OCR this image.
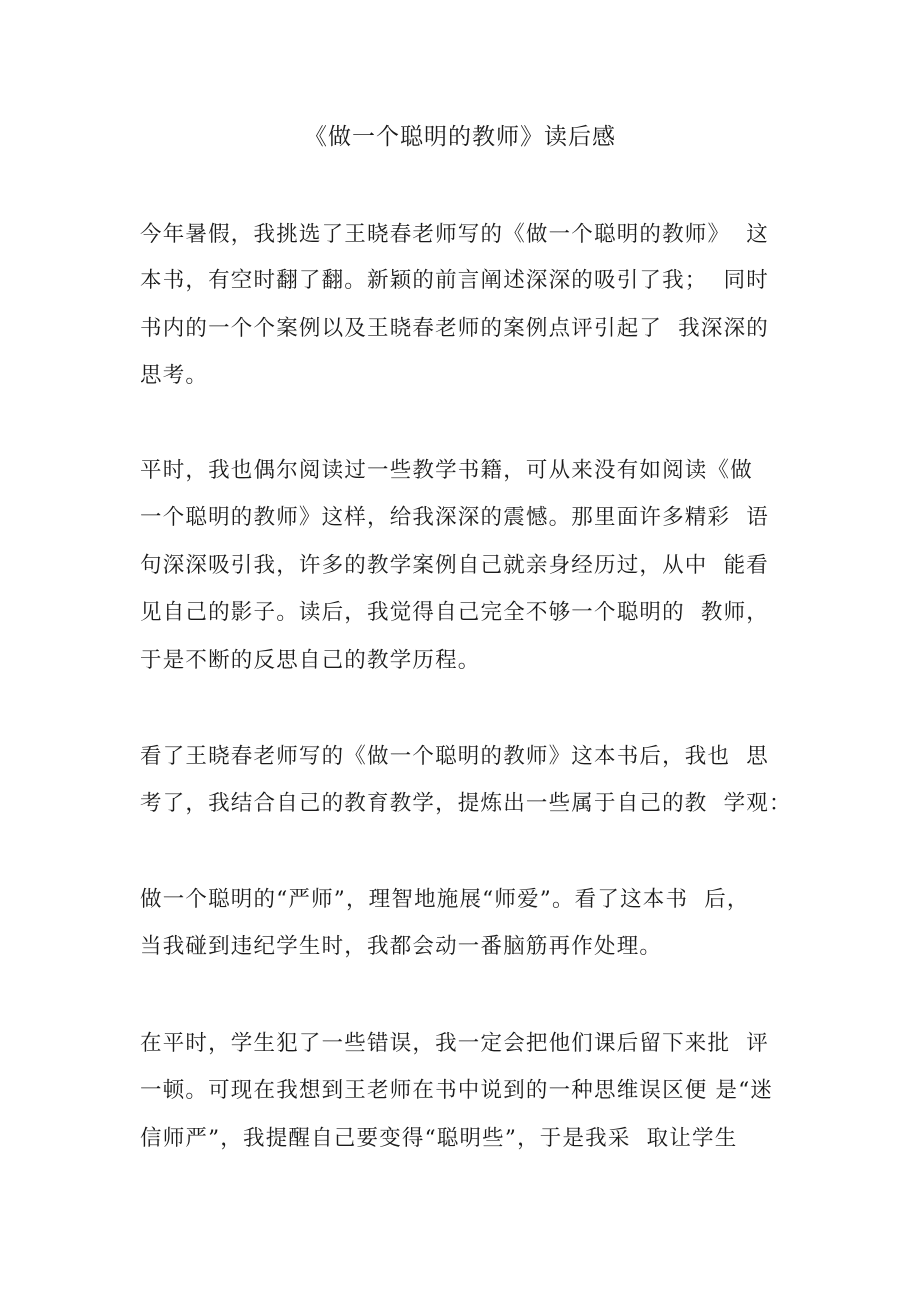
《做一个聪明的教师》读后感
今年暑假，我挑选了王晓春老师写的《做一个聪明的教师》  这
本书，有空时翻了翻。新颖的前言阐述深深的吸引了我；  同时
书内的一个个案例以及王晓春老师的案例点评引起了  我深深的
思考。
平时，我也偶尔阅读过一些教学书籍，可从来没有如阅读《做
一个聪明的教师》这样，给我深深的震憾。那里面许多精彩  语
句深深吸引我，许多的教学案例自己就亲身经历过，从中  能看
见自己的影子。读后，我觉得自己完全不够一个聪明的  教师，
于是不断的反思自己的教学历程。
看了王晓春老师写的《做一个聪明的教师》这本书后，我也  思
考了，我结合自己的教育教学，提炼出一些属于自己的教  学观：
做一个聪明的“严师”，理智地施展“师爱”。看了这本书  后，
当我碰到违纪学生时，我都会动一番脑筋再作处理。
在平时，学生犯了一些错误，我一定会把他们课后留下来批  评
一顿。可现在我想到王老师在书中说到的一种思维误区便 是“迷
信师严”，我提醒自己要变得“聪明些”，于是我采  取让学生
